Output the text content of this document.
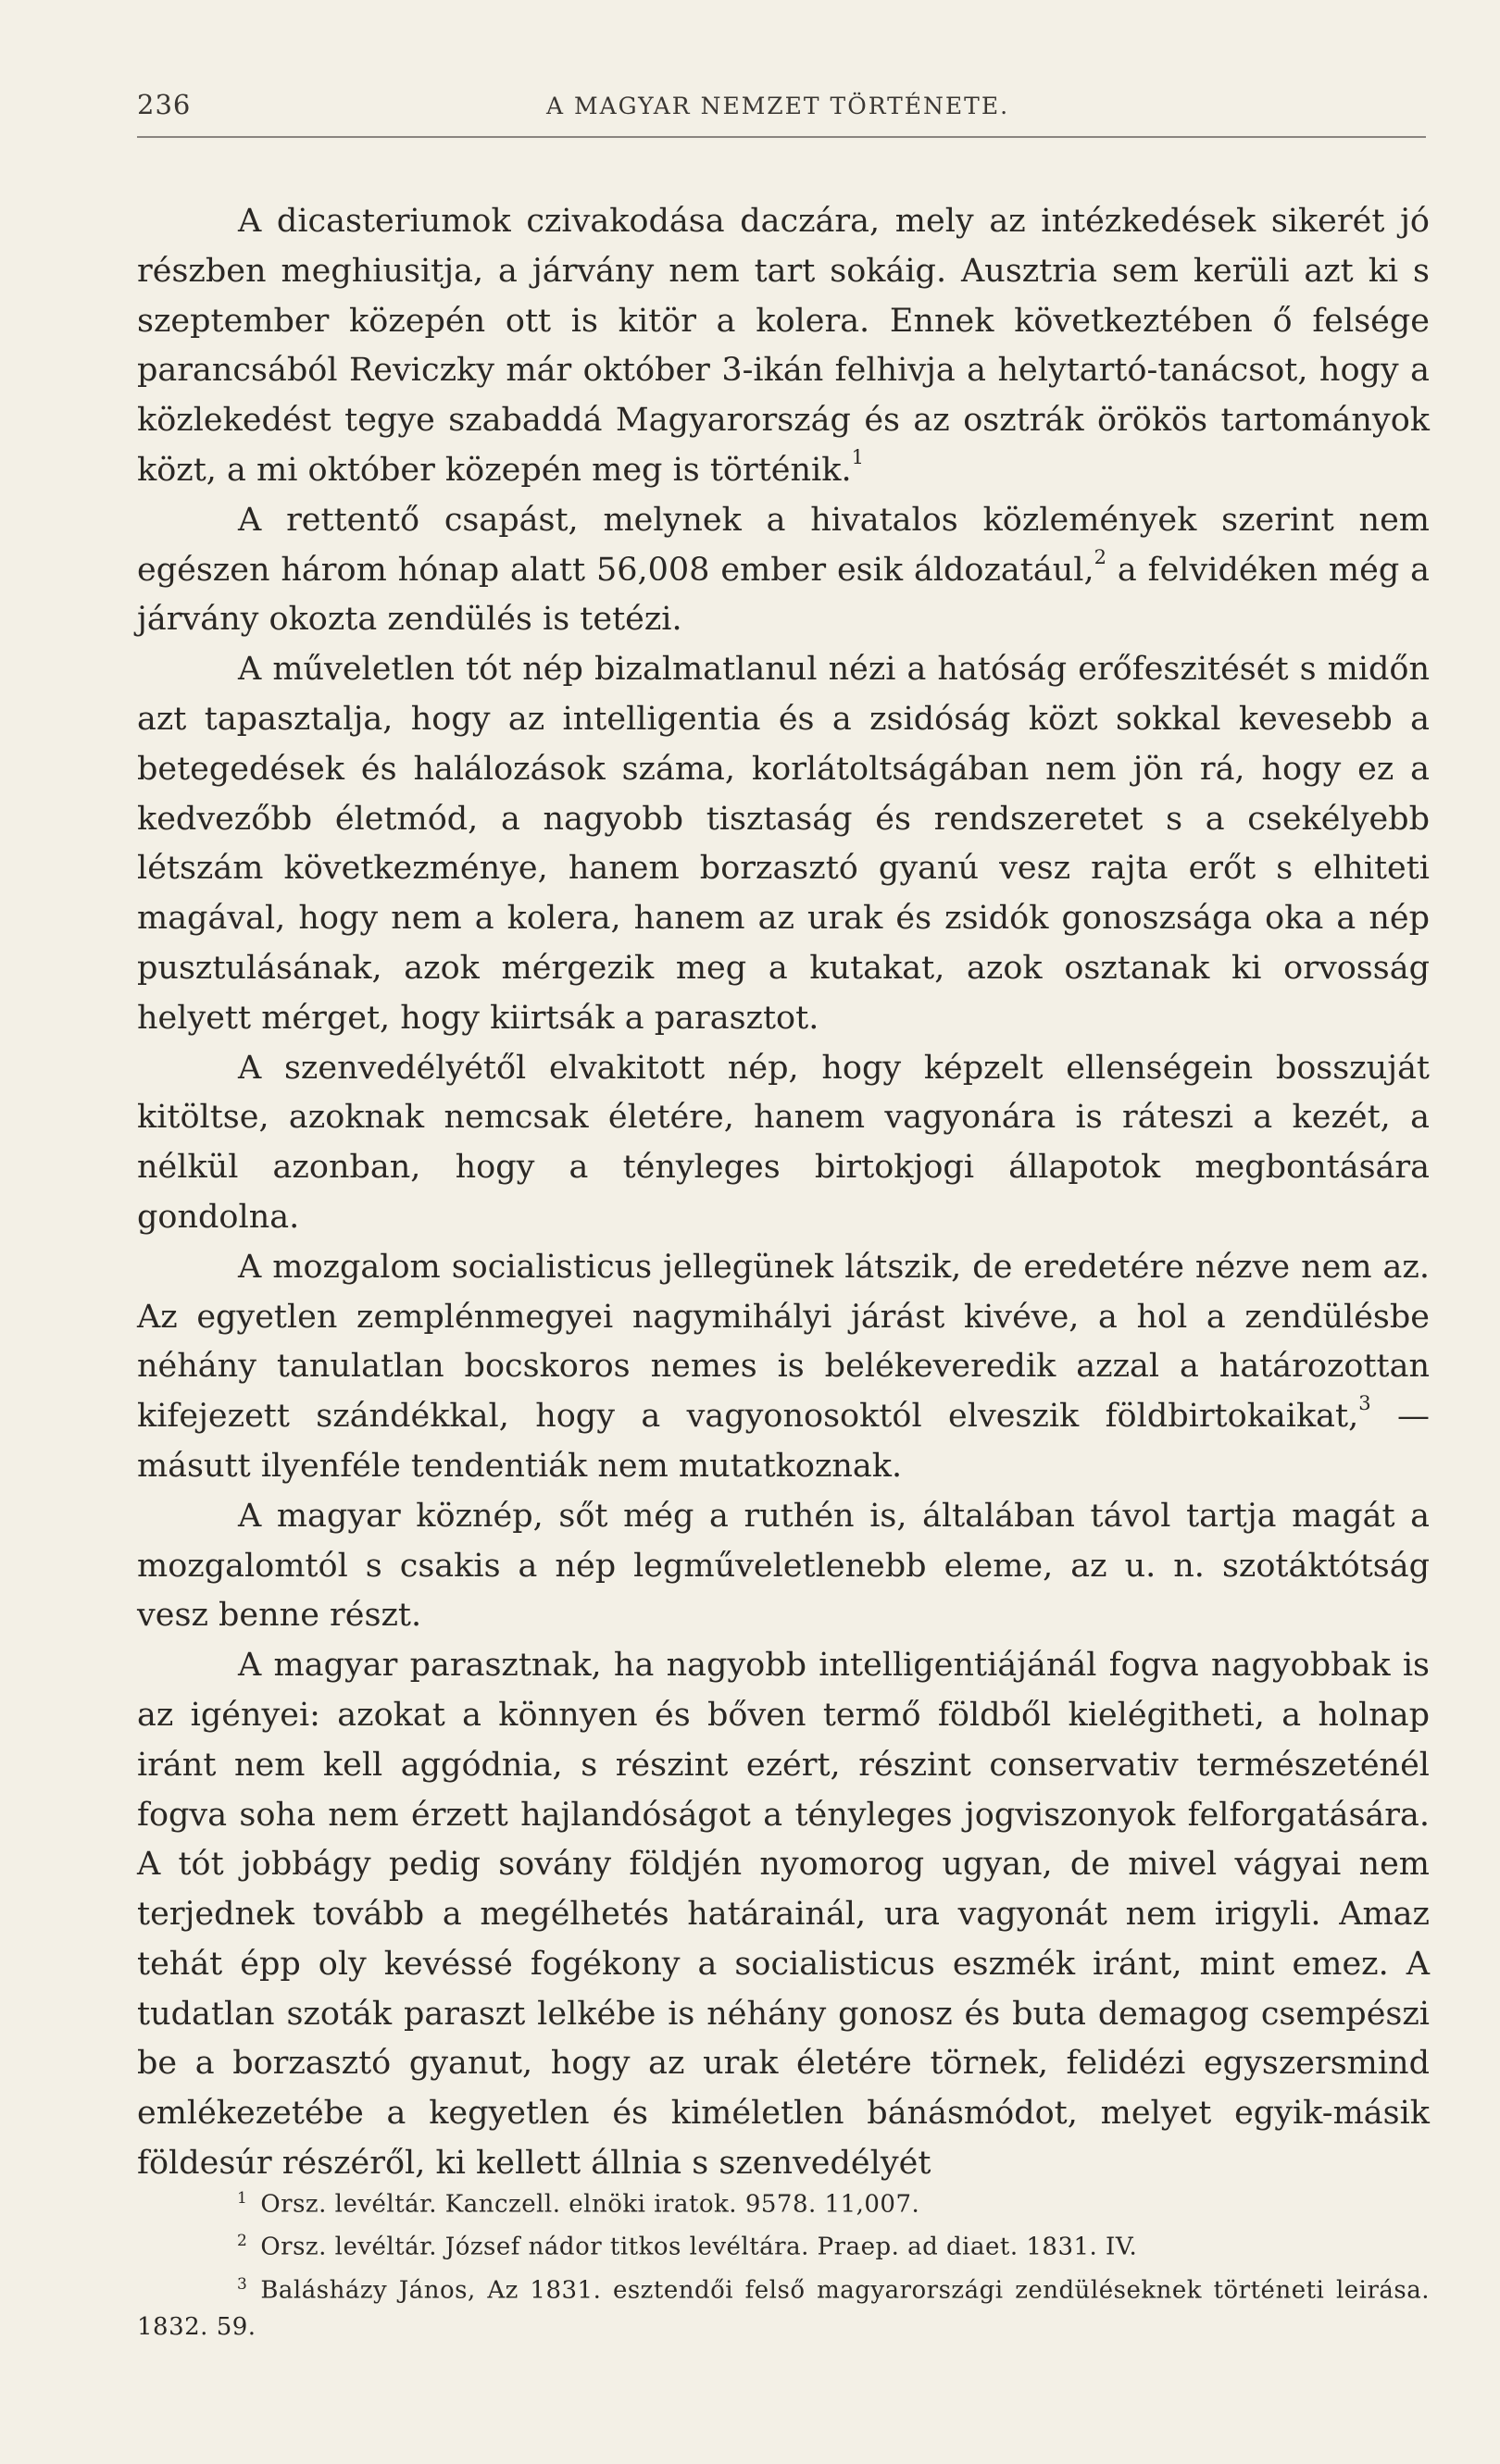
236	A MAGYAR NEMZET TÖRTÉNETE.

A dicasteriumok czivakodása daczára, mely az intézkedések sikerét jó részben meghiusitja, a járvány nem tart sokáig. Ausztria sem kerüli azt ki s szeptember közepén ott is kitör a kolera. Ennek következtében ő felsége parancsából Reviczky már október 3-ikán felhivja a helytartó-tanácsot, hogy a közlekedést tegye szabaddá Magyarország és az osztrák örökös tartományok közt, a mi október közepén meg is történik.$^1$

A rettentő csapást, melynek a hivatalos közlemények szerint nem egészen három hónap alatt 56,008 ember esik áldozatául,$^2$ a felvidéken még a járvány okozta zendülés is tetézi.

A műveletlen tót nép bizalmatlanul nézi a hatóság erőfeszitését s midőn azt tapasztalja, hogy az intelligentia és a zsidóság közt sokkal kevesebb a betegedések és halálozások száma, korlátoltságában nem jön rá, hogy ez a kedvezőbb életmód, a nagyobb tisztaság és rendszeretet s a csekélyebb létszám következménye, hanem borzasztó gyanú vesz rajta erőt s elhiteti magával, hogy nem a kolera, hanem az urak és zsidók gonoszsága oka a nép pusztulásának, azok mérgezik meg a kutakat, azok osztanak ki orvosság helyett mérget, hogy kiirtsák a parasztot.

A szenvedélyétől elvakitott nép, hogy képzelt ellenségein bosszuját kitöltse, azoknak nemcsak életére, hanem vagyonára is ráteszi a kezét, a nélkül azonban, hogy a tényleges birtokjogi állapotok megbontására gondolna.

A mozgalom socialisticus jellegünek látszik, de eredetére nézve nem az. Az egyetlen zemplénmegyei nagymihályi járást kivéve, a hol a zendülésbe néhány tanulatlan bocskoros nemes is belékeveredik azzal a határozottan kifejezett szándékkal, hogy a vagyonosoktól elveszik földbirtokaikat,$^3$ — másutt ilyenféle tendentiák nem mutatkoznak.

A magyar köznép, sőt még a ruthén is, általában távol tartja magát a mozgalomtól s csakis a nép legműveletlenebb eleme, az u. n. szotáktótság vesz benne részt.

A magyar parasztnak, ha nagyobb intelligentiájánál fogva nagyobbak is az igényei: azokat a könnyen és bőven termő földből kielégitheti, a holnap iránt nem kell aggódnia, s részint ezért, részint conservativ természeténél fogva soha nem érzett hajlandóságot a tényleges jogviszonyok felforgatására. A tót jobbágy pedig sovány földjén nyomorog ugyan, de mivel vágyai nem terjednek tovább a megélhetés határainál, ura vagyonát nem irigyli. Amaz tehát épp oly kevéssé fogékony a socialisticus eszmék iránt, mint emez. A tudatlan szoták paraszt lelkébe is néhány gonosz és buta demagog csempészi be a borzasztó gyanut, hogy az urak életére törnek, felidézi egyszersmind emlékezetébe a kegyetlen és kiméletlen bánásmódot, melyet egyik-másik földesúr részéről, ki kellett állnia s szenvedélyét

$^1$ Orsz. levéltár. Kanczell. elnöki iratok. 9578. 11,007.
$^2$ Orsz. levéltár. József nádor titkos levéltára. Praep. ad diaet. 1831. IV.
$^3$ Balásházy János, Az 1831. esztendői felső magyarországi zendüléseknek történeti leirása. 1832. 59.
